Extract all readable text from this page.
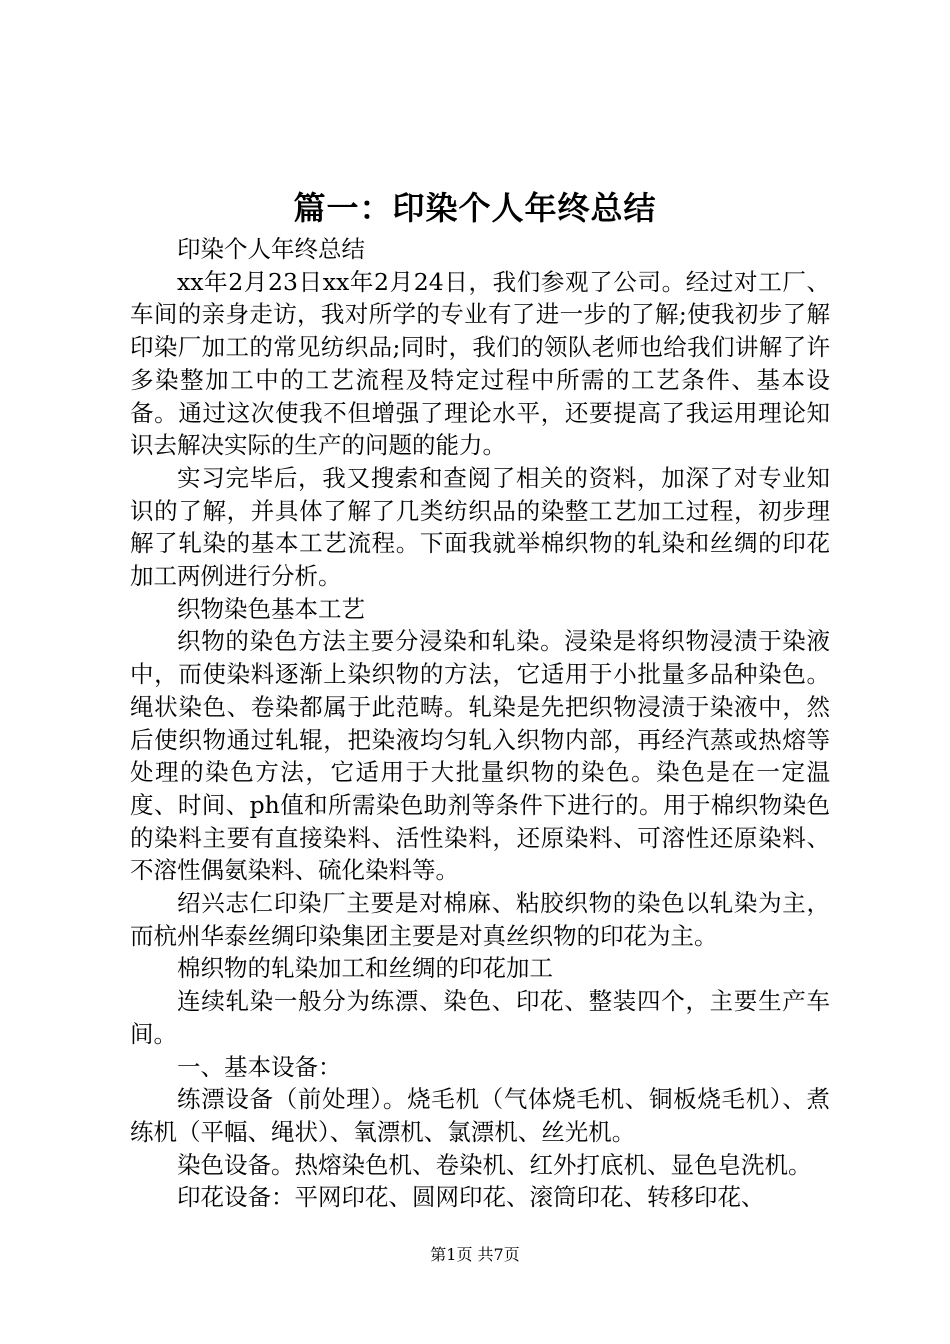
篇一：印染个人年终总结

印染个人年终总结

xx年2月23日xx年2月24日，我们参观了公司。经过对工厂、车间的亲身走访，我对所学的专业有了进一步的了解;使我初步了解印染厂加工的常见纺织品;同时，我们的领队老师也给我们讲解了许多染整加工中的工艺流程及特定过程中所需的工艺条件、基本设备。通过这次使我不但增强了理论水平，还要提高了我运用理论知识去解决实际的生产的问题的能力。

实习完毕后，我又搜索和查阅了相关的资料，加深了对专业知识的了解，并具体了解了几类纺织品的染整工艺加工过程，初步理解了轧染的基本工艺流程。下面我就举棉织物的轧染和丝绸的印花加工两例进行分析。

织物染色基本工艺

织物的染色方法主要分浸染和轧染。浸染是将织物浸渍于染液中，而使染料逐渐上染织物的方法，它适用于小批量多品种染色。绳状染色、卷染都属于此范畴。轧染是先把织物浸渍于染液中，然后使织物通过轧辊，把染液均匀轧入织物内部，再经汽蒸或热熔等处理的染色方法，它适用于大批量织物的染色。染色是在一定温度、时间、ph值和所需染色助剂等条件下进行的。用于棉织物染色的染料主要有直接染料、活性染料，还原染料、可溶性还原染料、不溶性偶氨染料、硫化染料等。

绍兴志仁印染厂主要是对棉麻、粘胶织物的染色以轧染为主，而杭州华泰丝绸印染集团主要是对真丝织物的印花为主。

棉织物的轧染加工和丝绸的印花加工

连续轧染一般分为练漂、染色、印花、整装四个，主要生产车间。

一、基本设备：

练漂设备（前处理）。烧毛机（气体烧毛机、铜板烧毛机）、煮练机（平幅、绳状）、氧漂机、氯漂机、丝光机。

染色设备。热熔染色机、卷染机、红外打底机、显色皂洗机。

印花设备：平网印花、圆网印花、滚筒印花、转移印花、

第1页 共7页
